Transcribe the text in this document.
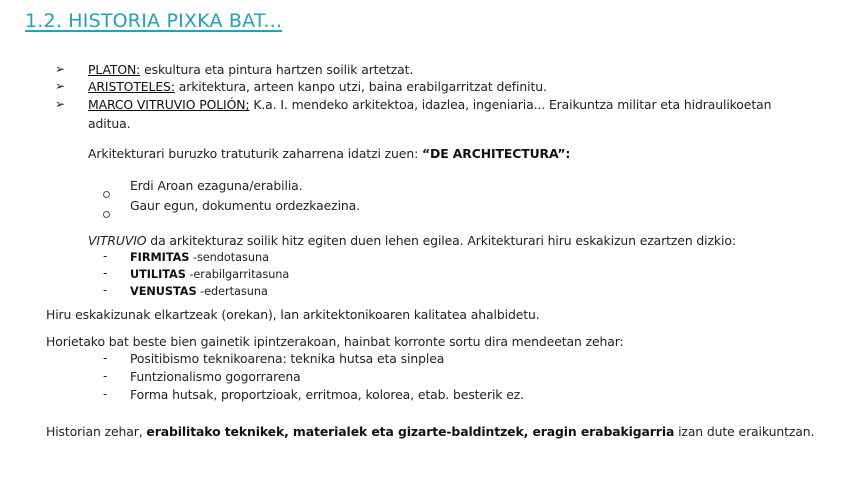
1.2. HISTORIA PIXKA BAT...
➢ PLATON: eskultura eta pintura hartzen soilik artetzat.
➢ ARISTOTELES: arkitektura, arteen kanpo utzi, baina erabilgarritzat definitu.
➢ MARCO VITRUVIO POLIÓN; K.a. I. mendeko arkitektoa, idazlea, ingeniaria... Eraikuntza militar eta hidraulikoetan
aditua.
Arkitekturari buruzko tratuturik zaharrena idatzi zuen: “DE ARCHITECTURA”:
Erdi Aroan ezaguna/erabilia.
Gaur egun, dokumentu ordezkaezina.
VITRUVIO da arkitekturaz soilik hitz egiten duen lehen egilea. Arkitekturari hiru eskakizun ezartzen dizkio:
- FIRMITAS -sendotasuna
- UTILITAS -erabilgarritasuna
- VENUSTAS -edertasuna
Hiru eskakizunak elkartzeak (orekan), lan arkitektonikoaren kalitatea ahalbidetu.
Horietako bat beste bien gainetik ipintzerakoan, hainbat korronte sortu dira mendeetan zehar:
- Positibismo teknikoarena: teknika hutsa eta sinplea
- Funtzionalismo gogorrarena
- Forma hutsak, proportzioak, erritmoa, kolorea, etab. besterik ez.
Historian zehar, erabilitako teknikek, materialek eta gizarte-baldintzek, eragin erabakigarria izan dute eraikuntzan.
